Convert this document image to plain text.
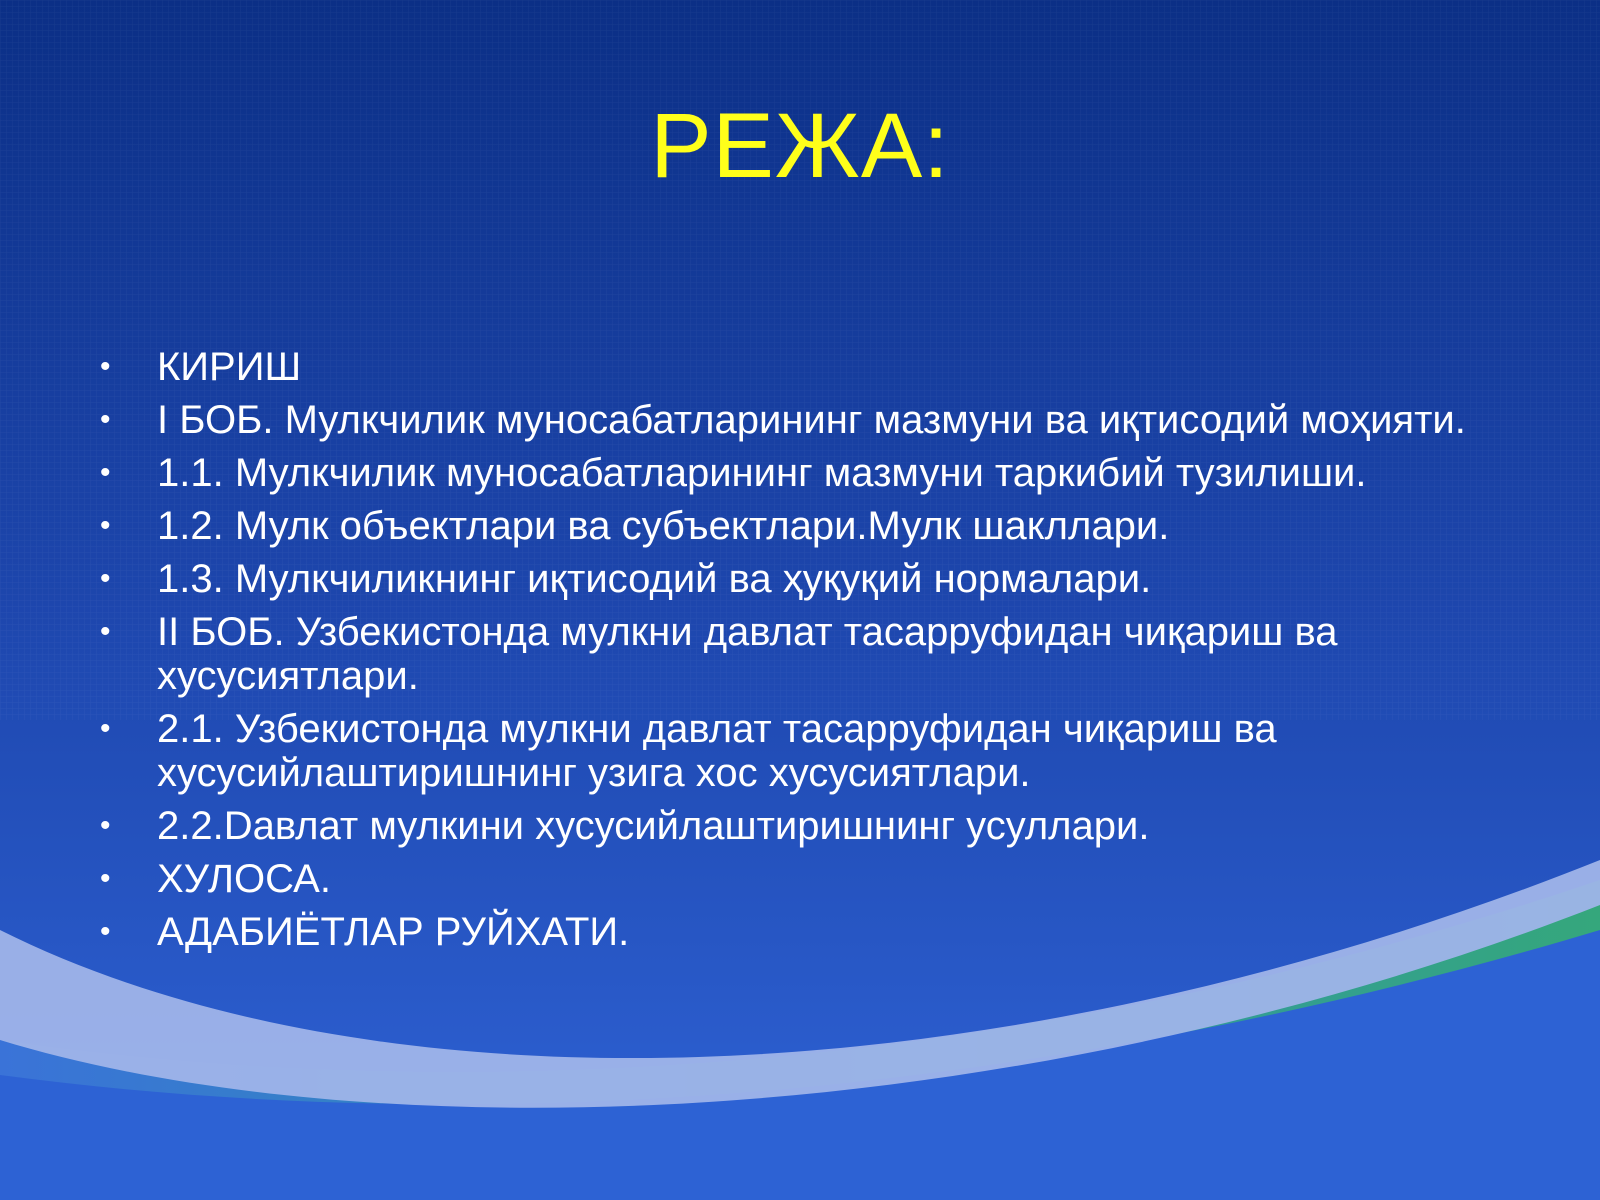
РЕЖА:
• КИРИШ
• I БОБ. Мулкчилик муносабатларининг мазмуни ва иқтисодий моҳияти.
• 1.1. Мулкчилик муносабатларининг мазмуни таркибий тузилиши.
• 1.2. Мулк объектлари ва субъектлари.Мулк шакллари.
• 1.3. Мулкчиликнинг иқтисодий ва ҳуқуқий нормалари.
• II БОБ. Узбекистонда мулкни давлат тасарруфидан чиқариш ва хусусиятлари.
• 2.1. Узбекистонда мулкни давлат тасарруфидан чиқариш ва хусусийлаштиришнинг узига хос хусусиятлари.
• 2.2.Dавлат мулкини хусусийлаштиришнинг усуллари.
• ХУЛОСА.
• АДАБИЁТЛАР РУЙХАТИ.
